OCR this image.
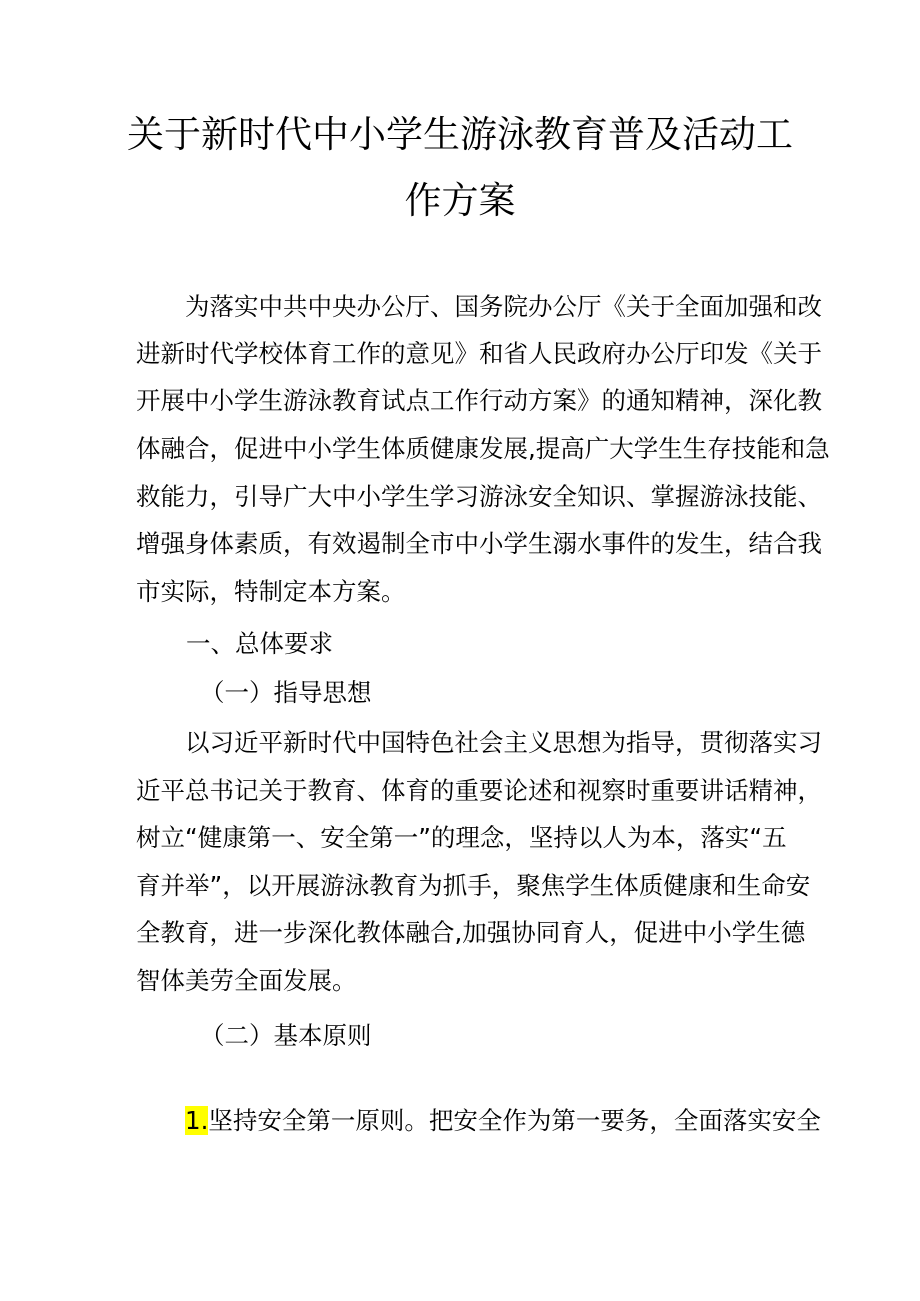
关于新时代中小学生游泳教育普及活动工
作方案
为落实中共中央办公厅、国务院办公厅《关于全面加强和改
进新时代学校体育工作的意见》和省人民政府办公厅印发《关于
开展中小学生游泳教育试点工作行动方案》的通知精神，深化教
体融合，促进中小学生体质健康发展,提高广大学生生存技能和急
救能力，引导广大中小学生学习游泳安全知识、掌握游泳技能、
增强身体素质，有效遏制全市中小学生溺水事件的发生，结合我
市实际，特制定本方案。
一、总体要求
（一）指导思想
以习近平新时代中国特色社会主义思想为指导，贯彻落实习
近平总书记关于教育、体育的重要论述和视察时重要讲话精神，
树立“健康第一、安全第一”的理念，坚持以人为本，落实“五
育并举”，以开展游泳教育为抓手，聚焦学生体质健康和生命安
全教育，进一步深化教体融合,加强协同育人，促进中小学生德
智体美劳全面发展。
（二）基本原则
1.坚持安全第一原则。把安全作为第一要务，全面落实安全
